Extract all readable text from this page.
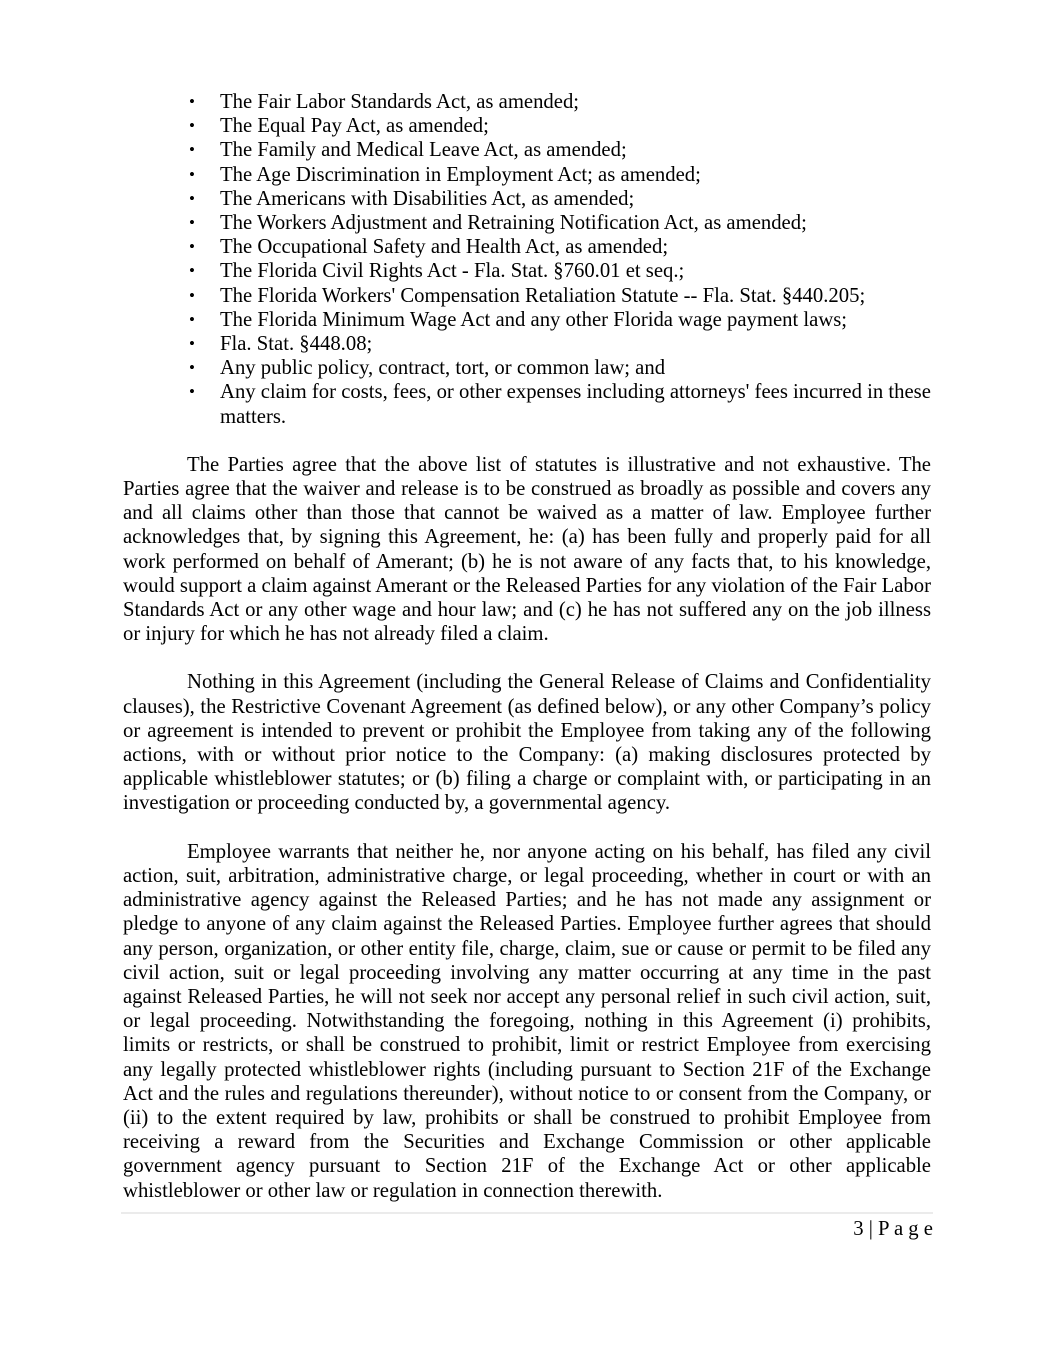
•	The Fair Labor Standards Act, as amended;
•	The Equal Pay Act, as amended;
•	The Family and Medical Leave Act, as amended;
•	The Age Discrimination in Employment Act; as amended;
•	The Americans with Disabilities Act, as amended;
•	The Workers Adjustment and Retraining Notification Act, as amended;
•	The Occupational Safety and Health Act, as amended;
•	The Florida Civil Rights Act - Fla. Stat. §760.01 et seq.;
•	The Florida Workers' Compensation Retaliation Statute -- Fla. Stat. §440.205;
•	The Florida Minimum Wage Act and any other Florida wage payment laws;
•	Fla. Stat. §448.08;
•	Any public policy, contract, tort, or common law; and
•	Any claim for costs, fees, or other expenses including attorneys' fees incurred in these matters.

The Parties agree that the above list of statutes is illustrative and not exhaustive. The Parties agree that the waiver and release is to be construed as broadly as possible and covers any and all claims other than those that cannot be waived as a matter of law. Employee further acknowledges that, by signing this Agreement, he: (a) has been fully and properly paid for all work performed on behalf of Amerant; (b) he is not aware of any facts that, to his knowledge, would support a claim against Amerant or the Released Parties for any violation of the Fair Labor Standards Act or any other wage and hour law; and (c) he has not suffered any on the job illness or injury for which he has not already filed a claim.

Nothing in this Agreement (including the General Release of Claims and Confidentiality clauses), the Restrictive Covenant Agreement (as defined below), or any other Company’s policy or agreement is intended to prevent or prohibit the Employee from taking any of the following actions, with or without prior notice to the Company: (a) making disclosures protected by applicable whistleblower statutes; or (b) filing a charge or complaint with, or participating in an investigation or proceeding conducted by, a governmental agency.

Employee warrants that neither he, nor anyone acting on his behalf, has filed any civil action, suit, arbitration, administrative charge, or legal proceeding, whether in court or with an administrative agency against the Released Parties; and he has not made any assignment or pledge to anyone of any claim against the Released Parties. Employee further agrees that should any person, organization, or other entity file, charge, claim, sue or cause or permit to be filed any civil action, suit or legal proceeding involving any matter occurring at any time in the past against Released Parties, he will not seek nor accept any personal relief in such civil action, suit, or legal proceeding. Notwithstanding the foregoing, nothing in this Agreement (i) prohibits, limits or restricts, or shall be construed to prohibit, limit or restrict Employee from exercising any legally protected whistleblower rights (including pursuant to Section 21F of the Exchange Act and the rules and regulations thereunder), without notice to or consent from the Company, or (ii) to the extent required by law, prohibits or shall be construed to prohibit Employee from receiving a reward from the Securities and Exchange Commission or other applicable government agency pursuant to Section 21F of the Exchange Act or other applicable whistleblower or other law or regulation in connection therewith.

3 | P a g e
